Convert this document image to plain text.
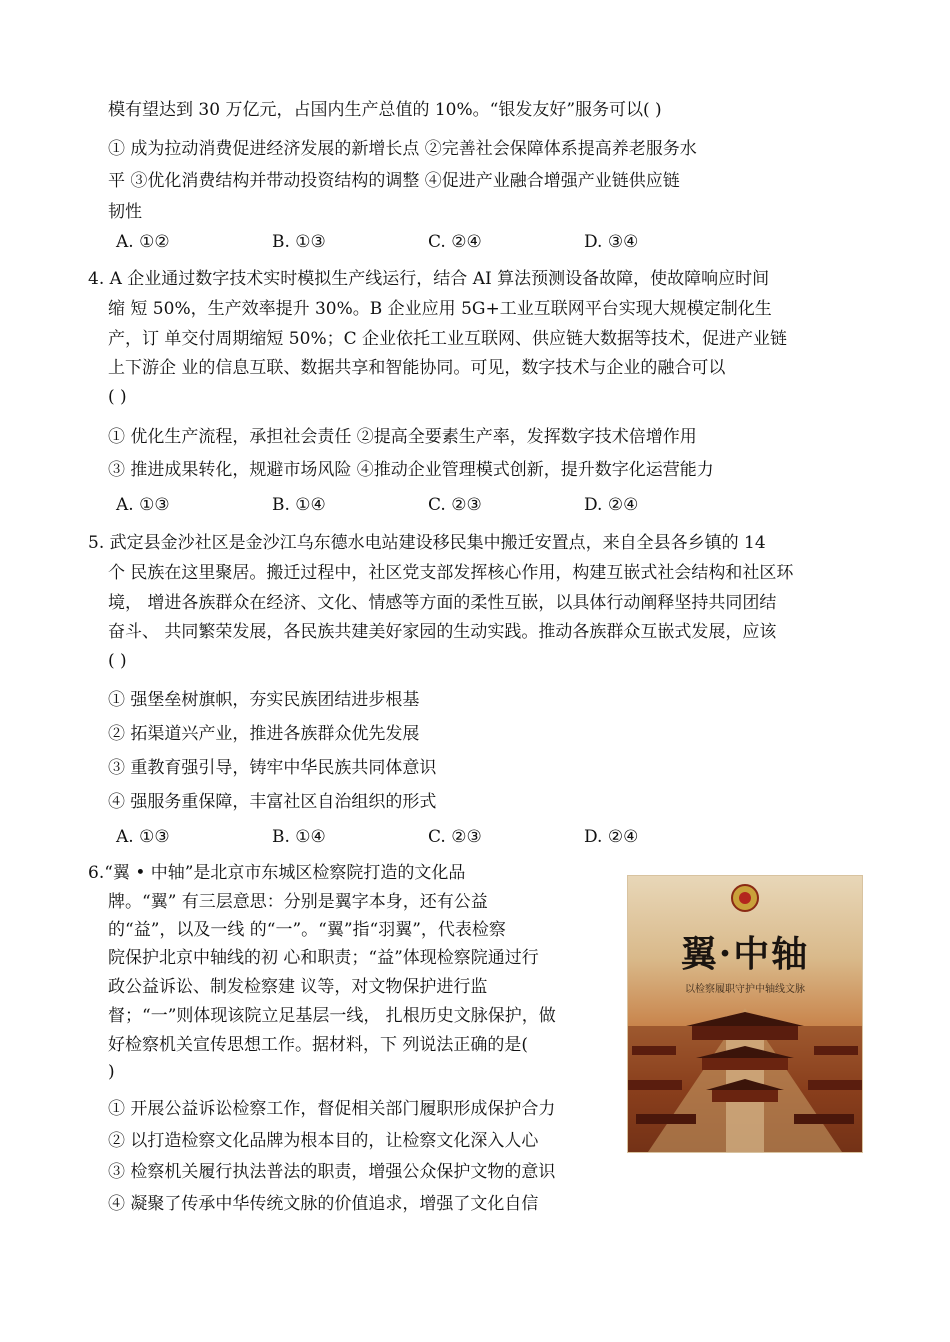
模有望达到 30 万亿元，占国内生产总值的 10%。“银发友好”服务可以( )
① 成为拉动消费促进经济发展的新增长点 ②完善社会保障体系提高养老服务水
平 ③优化消费结构并带动投资结构的调整 ④促进产业融合增强产业链供应链
韧性
A. ①②	B. ①③	C. ②④	D. ③④
4. A 企业通过数字技术实时模拟生产线运行，结合 AI 算法预测设备故障，使故障响应时间
缩 短 50%，生产效率提升 30%。B 企业应用 5G+工业互联网平台实现大规模定制化生
产，订 单交付周期缩短 50%；C 企业依托工业互联网、供应链大数据等技术，促进产业链
上下游企 业的信息互联、数据共享和智能协同。可见，数字技术与企业的融合可以
( )
① 优化生产流程，承担社会责任 ②提高全要素生产率，发挥数字技术倍增作用
③ 推进成果转化，规避市场风险 ④推动企业管理模式创新，提升数字化运营能力
A. ①③	B. ①④	C. ②③	D. ②④
5. 武定县金沙社区是金沙江乌东德水电站建设移民集中搬迁安置点，来自全县各乡镇的 14
个 民族在这里聚居。搬迁过程中，社区党支部发挥核心作用，构建互嵌式社会结构和社区环
境， 增进各族群众在经济、文化、情感等方面的柔性互嵌，以具体行动阐释坚持共同团结
奋斗、 共同繁荣发展，各民族共建美好家园的生动实践。推动各族群众互嵌式发展，应该
( )
① 强堡垒树旗帜，夯实民族团结进步根基
② 拓渠道兴产业，推进各族群众优先发展
③ 重教育强引导，铸牢中华民族共同体意识
④ 强服务重保障，丰富社区自治组织的形式
A. ①③	B. ①④	C. ②③	D. ②④
6.“翼 • 中轴”是北京市东城区检察院打造的文化品
牌。“翼” 有三层意思：分别是翼字本身，还有公益
的“益”，以及一线 的“一”。“翼”指“羽翼”，代表检察
院保护北京中轴线的初 心和职责；“益”体现检察院通过行
政公益诉讼、制发检察建 议等，对文物保护进行监
督；“一”则体现该院立足基层一线， 扎根历史文脉保护，做
好检察机关宣传思想工作。据材料，下 列说法正确的是(
)
① 开展公益诉讼检察工作，督促相关部门履职形成保护合力
② 以打造检察文化品牌为根本目的，让检察文化深入人心
③ 检察机关履行执法普法的职责，增强公众保护文物的意识
④ 凝聚了传承中华传统文脉的价值追求，增强了文化自信
翼·中轴
以检察履职守护中轴线文脉
